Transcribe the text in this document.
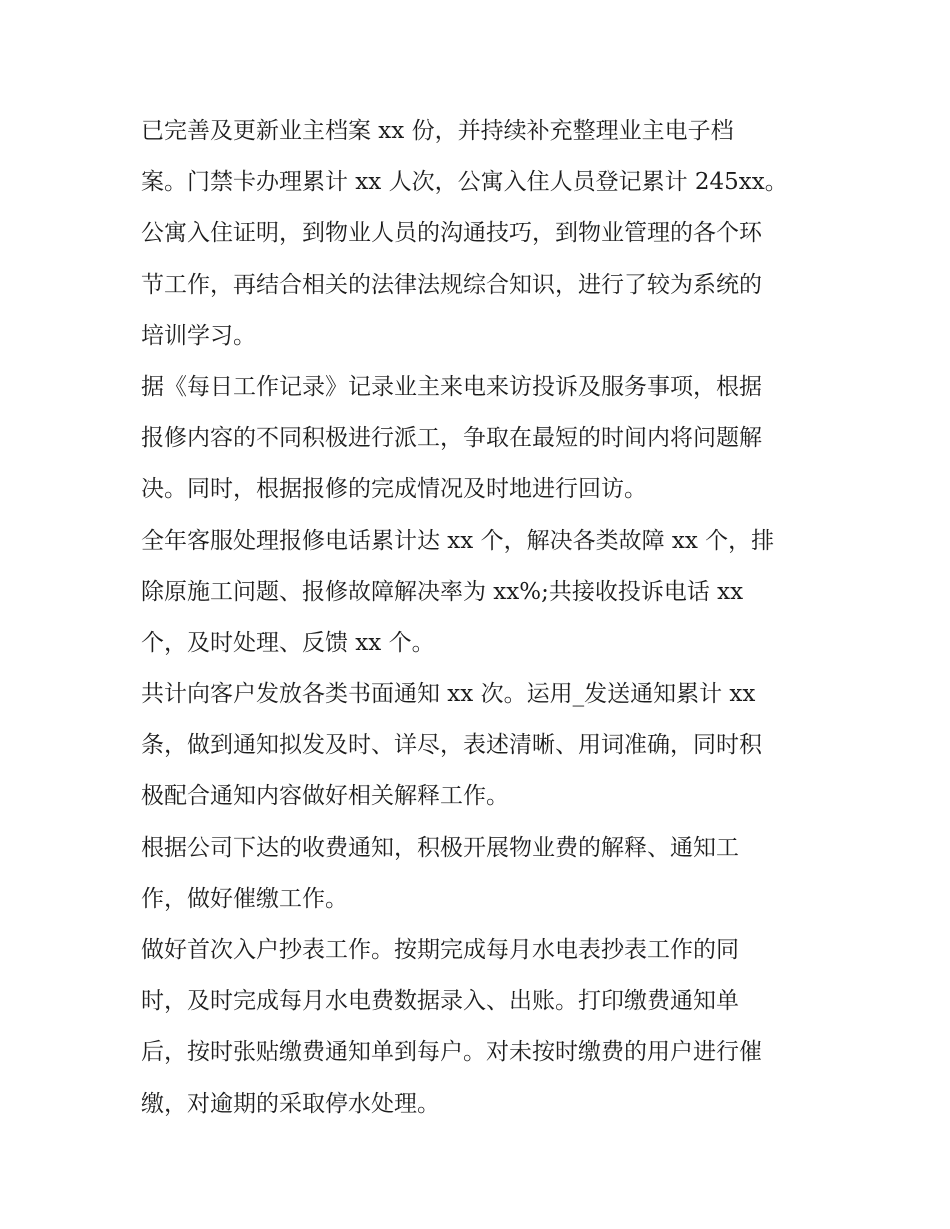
已完善及更新业主档案 xx 份，并持续补充整理业主电子档
案。门禁卡办理累计 xx 人次，公寓入住人员登记累计 245xx。
公寓入住证明，到物业人员的沟通技巧，到物业管理的各个环
节工作，再结合相关的法律法规综合知识，进行了较为系统的
培训学习。
据《每日工作记录》记录业主来电来访投诉及服务事项，根据
报修内容的不同积极进行派工，争取在最短的时间内将问题解
决。同时，根据报修的完成情况及时地进行回访。
全年客服处理报修电话累计达 xx 个，解决各类故障 xx 个，排
除原施工问题、报修故障解决率为 xx%;共接收投诉电话 xx
个，及时处理、反馈 xx 个。
共计向客户发放各类书面通知 xx 次。运用_发送通知累计 xx
条，做到通知拟发及时、详尽，表述清晰、用词准确，同时积
极配合通知内容做好相关解释工作。
根据公司下达的收费通知，积极开展物业费的解释、通知工
作，做好催缴工作。
做好首次入户抄表工作。按期完成每月水电表抄表工作的同
时，及时完成每月水电费数据录入、出账。打印缴费通知单
后，按时张贴缴费通知单到每户。对未按时缴费的用户进行催
缴，对逾期的采取停水处理。
